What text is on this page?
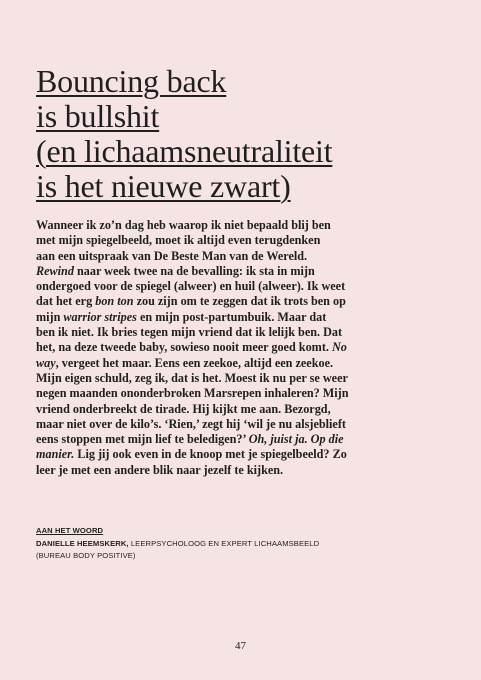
Bouncing back
is bullshit
(en lichaamsneutraliteit
is het nieuwe zwart)

Wanneer ik zo’n dag heb waarop ik niet bepaald blij ben
met mijn spiegelbeeld, moet ik altijd even terugdenken
aan een uitspraak van De Beste Man van de Wereld.
Rewind naar week twee na de bevalling: ik sta in mijn
ondergoed voor de spiegel (alweer) en huil (alweer). Ik weet
dat het erg bon ton zou zijn om te zeggen dat ik trots ben op
mijn warrior stripes en mijn post-partumbuik. Maar dat
ben ik niet. Ik bries tegen mijn vriend dat ik lelijk ben. Dat
het, na deze tweede baby, sowieso nooit meer goed komt. No
way, vergeet het maar. Eens een zeekoe, altijd een zeekoe.
Mijn eigen schuld, zeg ik, dat is het. Moest ik nu per se weer
negen maanden ononderbroken Marsrepen inhaleren? Mijn
vriend onderbreekt de tirade. Hij kijkt me aan. Bezorgd,
maar niet over de kilo’s. ‘Rien,’ zegt hij ‘wil je nu alsjeblieft
eens stoppen met mijn lief te beledigen?’ Oh, juist ja. Op die
manier. Lig jij ook even in de knoop met je spiegelbeeld? Zo
leer je met een andere blik naar jezelf te kijken.

AAN HET WOORD
DANIELLE HEEMSKERK, LEERPSYCHOLOOG EN EXPERT LICHAAMSBEELD
(BUREAU BODY POSITIVE)
47
